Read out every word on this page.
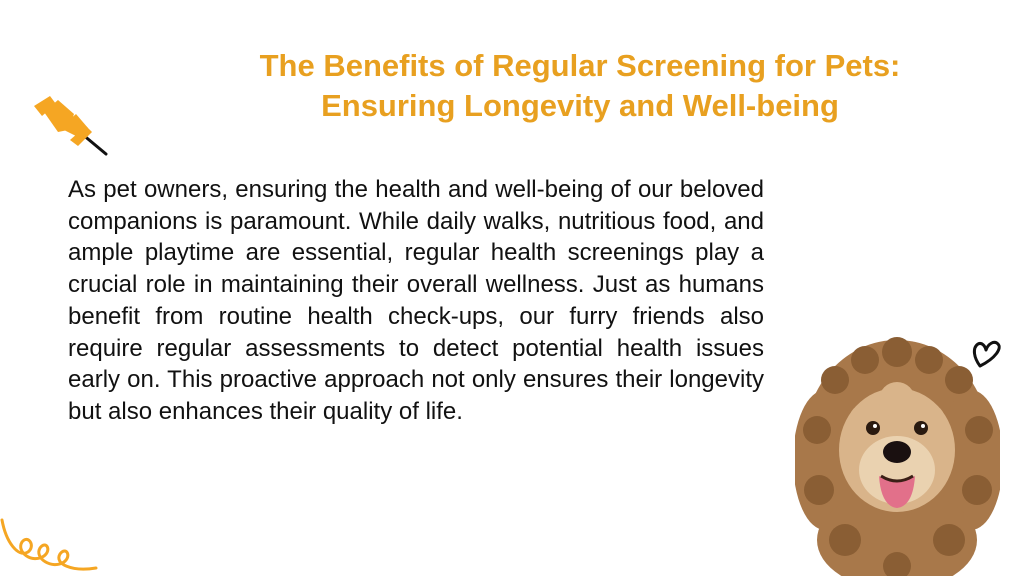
The Benefits of Regular Screening for Pets:
Ensuring Longevity and Well-being

As pet owners, ensuring the health and well-being of our beloved companions is paramount. While daily walks, nutritious food, and ample playtime are essential, regular health screenings play a crucial role in maintaining their overall wellness. Just as humans benefit from routine health check-ups, our furry friends also require regular assessments to detect potential health issues early on. This proactive approach not only ensures their longevity but also enhances their quality of life.
